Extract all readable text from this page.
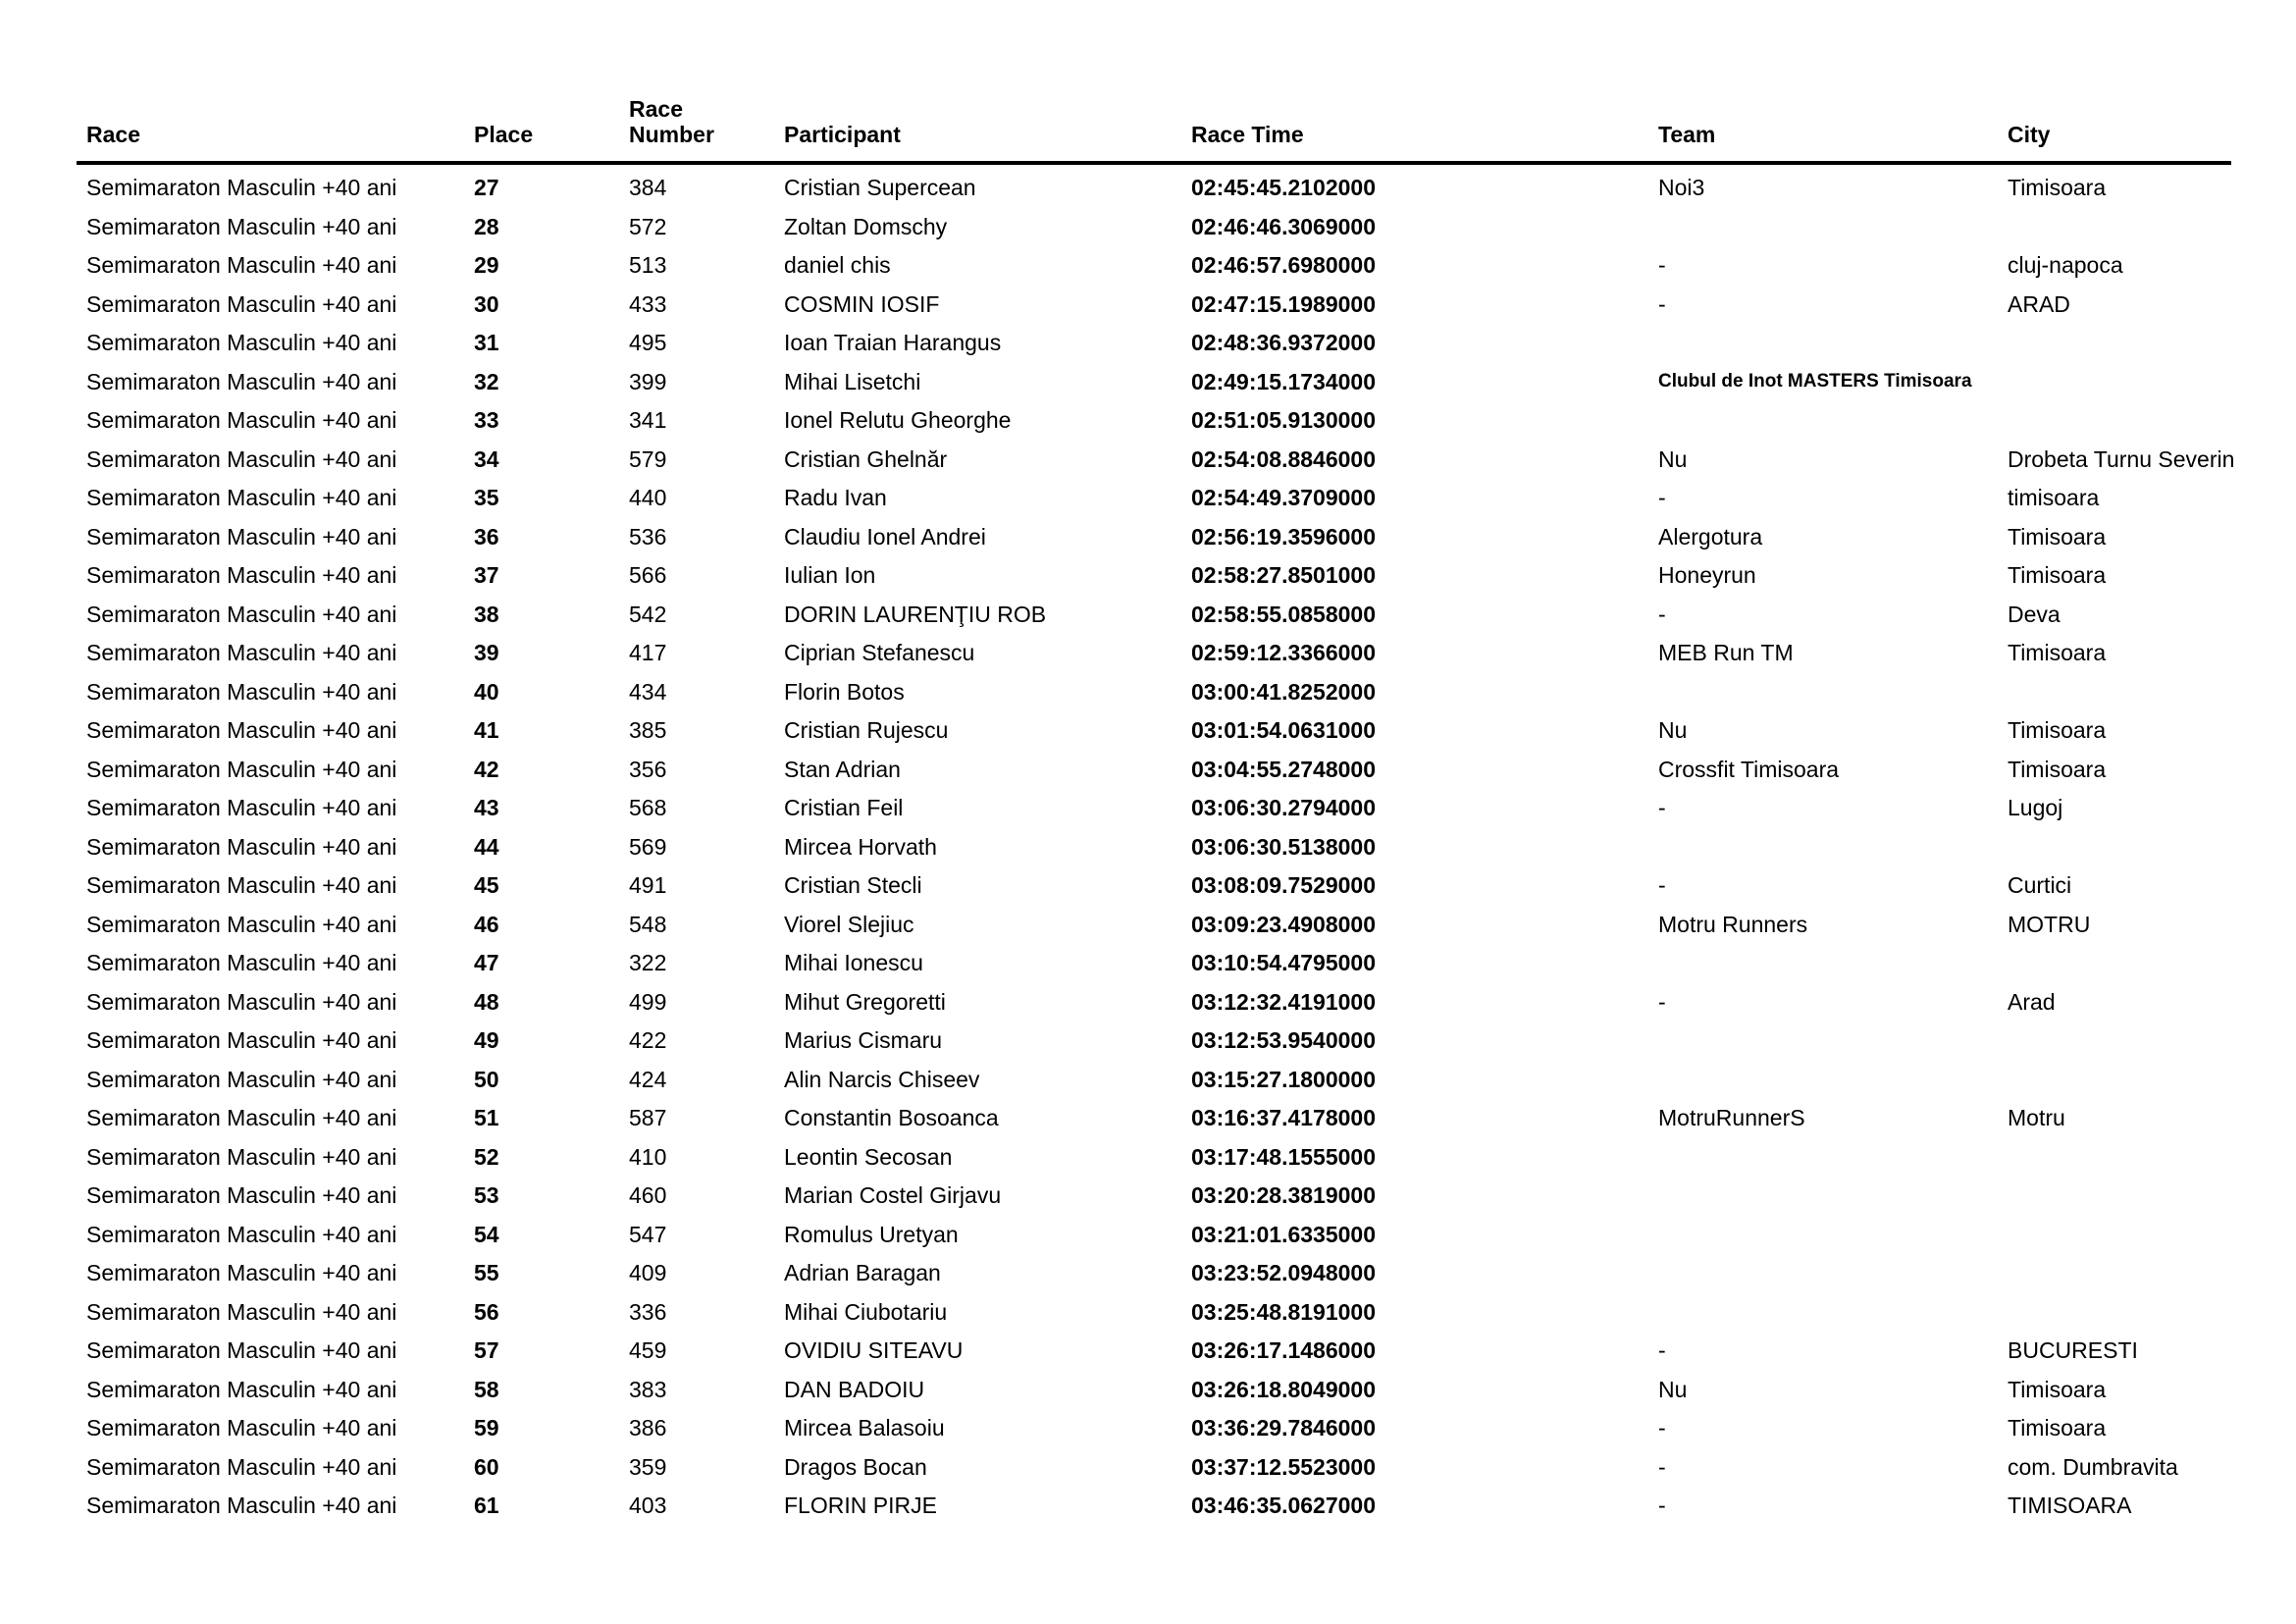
Race	Place	Race Number	Participant	Race Time	Team	City
Semimaraton Masculin +40 ani	27	384	Cristian Supercean	02:45:45.2102000	Noi3	Timisoara
Semimaraton Masculin +40 ani	28	572	Zoltan Domschy	02:46:46.3069000		
Semimaraton Masculin +40 ani	29	513	daniel chis	02:46:57.6980000	-	cluj-napoca
Semimaraton Masculin +40 ani	30	433	COSMIN IOSIF	02:47:15.1989000	-	ARAD
Semimaraton Masculin +40 ani	31	495	Ioan Traian Harangus	02:48:36.9372000		
Semimaraton Masculin +40 ani	32	399	Mihai Lisetchi	02:49:15.1734000	Clubul de Inot MASTERS Timisoara	
Semimaraton Masculin +40 ani	33	341	Ionel Relutu Gheorghe	02:51:05.9130000		
Semimaraton Masculin +40 ani	34	579	Cristian Ghelnăr	02:54:08.8846000	Nu	Drobeta Turnu Severin
Semimaraton Masculin +40 ani	35	440	Radu Ivan	02:54:49.3709000	-	timisoara
Semimaraton Masculin +40 ani	36	536	Claudiu Ionel Andrei	02:56:19.3596000	Alergotura	Timisoara
Semimaraton Masculin +40 ani	37	566	Iulian Ion	02:58:27.8501000	Honeyrun	Timisoara
Semimaraton Masculin +40 ani	38	542	DORIN LAURENŢIU ROB	02:58:55.0858000	-	Deva
Semimaraton Masculin +40 ani	39	417	Ciprian Stefanescu	02:59:12.3366000	MEB Run TM	Timisoara
Semimaraton Masculin +40 ani	40	434	Florin Botos	03:00:41.8252000		
Semimaraton Masculin +40 ani	41	385	Cristian Rujescu	03:01:54.0631000	Nu	Timisoara
Semimaraton Masculin +40 ani	42	356	Stan Adrian	03:04:55.2748000	Crossfit Timisoara	Timisoara
Semimaraton Masculin +40 ani	43	568	Cristian Feil	03:06:30.2794000	-	Lugoj
Semimaraton Masculin +40 ani	44	569	Mircea Horvath	03:06:30.5138000		
Semimaraton Masculin +40 ani	45	491	Cristian Stecli	03:08:09.7529000	-	Curtici
Semimaraton Masculin +40 ani	46	548	Viorel Slejiuc	03:09:23.4908000	Motru Runners	MOTRU
Semimaraton Masculin +40 ani	47	322	Mihai Ionescu	03:10:54.4795000		
Semimaraton Masculin +40 ani	48	499	Mihut Gregoretti	03:12:32.4191000	-	Arad
Semimaraton Masculin +40 ani	49	422	Marius Cismaru	03:12:53.9540000		
Semimaraton Masculin +40 ani	50	424	Alin Narcis Chiseev	03:15:27.1800000		
Semimaraton Masculin +40 ani	51	587	Constantin Bosoanca	03:16:37.4178000	MotruRunnerS	Motru
Semimaraton Masculin +40 ani	52	410	Leontin Secosan	03:17:48.1555000		
Semimaraton Masculin +40 ani	53	460	Marian Costel Girjavu	03:20:28.3819000		
Semimaraton Masculin +40 ani	54	547	Romulus Uretyan	03:21:01.6335000		
Semimaraton Masculin +40 ani	55	409	Adrian Baragan	03:23:52.0948000		
Semimaraton Masculin +40 ani	56	336	Mihai Ciubotariu	03:25:48.8191000		
Semimaraton Masculin +40 ani	57	459	OVIDIU SITEAVU	03:26:17.1486000	-	BUCURESTI
Semimaraton Masculin +40 ani	58	383	DAN BADOIU	03:26:18.8049000	Nu	Timisoara
Semimaraton Masculin +40 ani	59	386	Mircea Balasoiu	03:36:29.7846000	-	Timisoara
Semimaraton Masculin +40 ani	60	359	Dragos Bocan	03:37:12.5523000	-	com. Dumbravita
Semimaraton Masculin +40 ani	61	403	FLORIN PIRJE	03:46:35.0627000	-	TIMISOARA
